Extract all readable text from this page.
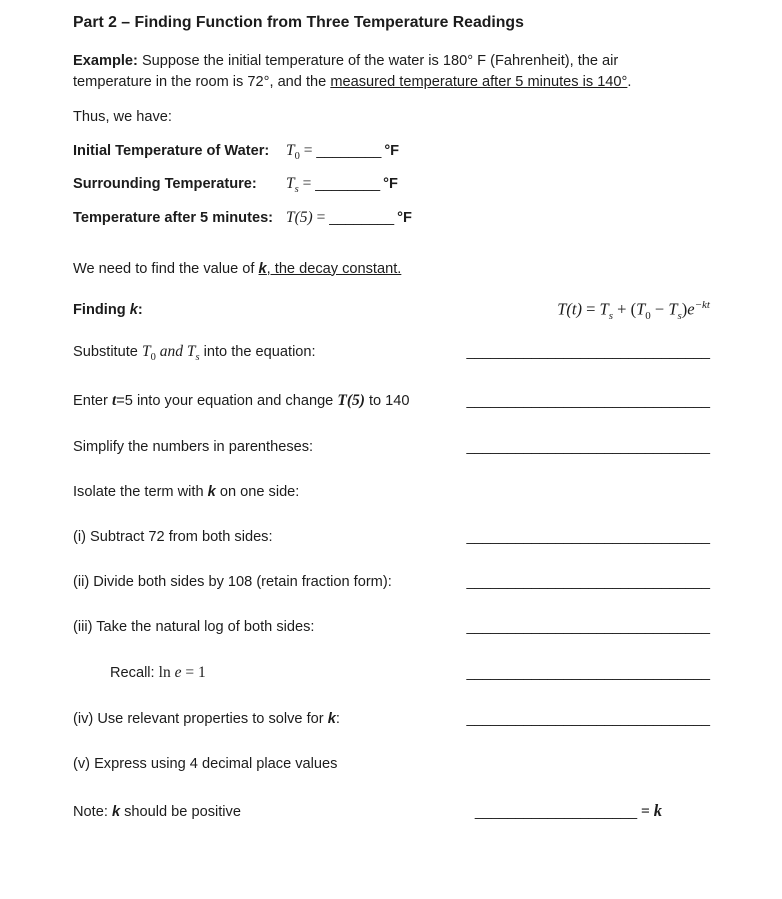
Part 2 – Finding Function from Three Temperature Readings

Example: Suppose the initial temperature of the water is 180° F (Fahrenheit), the air temperature in the room is 72°, and the measured temperature after 5 minutes is 140°.

Thus, we have:

Initial Temperature of Water: $T_0$ = ________ °F
Surrounding Temperature: $T_s$ = ________ °F
Temperature after 5 minutes: T(5) = ________ °F

We need to find the value of k, the decay constant.

Finding k:	$T(t) = T_s + (T_0 - T_s)e^{-kt}$
Substitute $T_0$ and $T_s$ into the equation:	______________________________
Enter t=5 into your equation and change T(5) to 140	______________________________
Simplify the numbers in parentheses:	______________________________
Isolate the term with k on one side:
(i) Subtract 72 from both sides:	______________________________
(ii) Divide both sides by 108 (retain fraction form):	______________________________
(iii) Take the natural log of both sides:	______________________________
Recall: ln e = 1	______________________________
(iv) Use relevant properties to solve for k:	______________________________
(v) Express using 4 decimal place values
Note: k should be positive	____________________ = k
